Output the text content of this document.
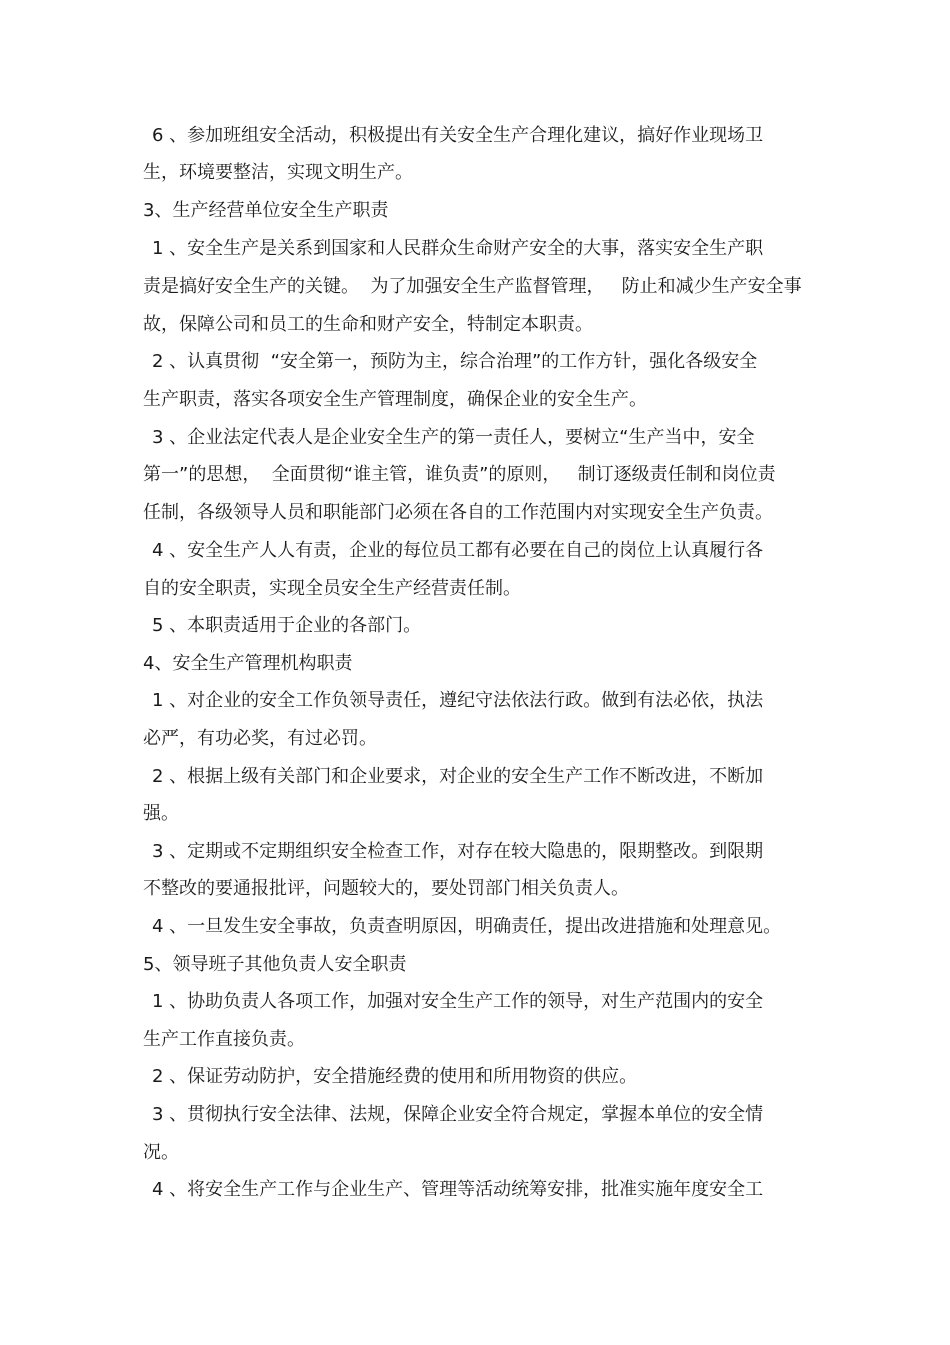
6 、参加班组安全活动，积极提出有关安全生产合理化建议，搞好作业现场卫

生，环境要整洁，实现文明生产。

3、生产经营单位安全生产职责

1 、安全生产是关系到国家和人民群众生命财产安全的大事，落实安全生产职

责是搞好安全生产的关键。  为了加强安全生产监督管理，   防止和减少生产安全事

故，保障公司和员工的生命和财产安全，特制定本职责。

2 、认真贯彻  “安全第一，预防为主，综合治理”的工作方针，强化各级安全

生产职责，落实各项安全生产管理制度，确保企业的安全生产。

3 、企业法定代表人是企业安全生产的第一责任人，要树立“生产当中，安全

第一”的思想，  全面贯彻“谁主管，谁负责”的原则，   制订逐级责任制和岗位责

任制，各级领导人员和职能部门必须在各自的工作范围内对实现安全生产负责。

4 、安全生产人人有责，企业的每位员工都有必要在自己的岗位上认真履行各

自的安全职责，实现全员安全生产经营责任制。

5 、本职责适用于企业的各部门。

4、安全生产管理机构职责

1 、对企业的安全工作负领导责任，遵纪守法依法行政。做到有法必依，执法

必严，有功必奖，有过必罚。

2 、根据上级有关部门和企业要求，对企业的安全生产工作不断改进，不断加

强。

3 、定期或不定期组织安全检查工作，对存在较大隐患的，限期整改。到限期

不整改的要通报批评，问题较大的，要处罚部门相关负责人。

4 、一旦发生安全事故，负责查明原因，明确责任，提出改进措施和处理意见。

5、领导班子其他负责人安全职责

1 、协助负责人各项工作，加强对安全生产工作的领导，对生产范围内的安全

生产工作直接负责。

2 、保证劳动防护，安全措施经费的使用和所用物资的供应。

3 、贯彻执行安全法律、法规，保障企业安全符合规定，掌握本单位的安全情

况。

4 、将安全生产工作与企业生产、管理等活动统筹安排，批准实施年度安全工
